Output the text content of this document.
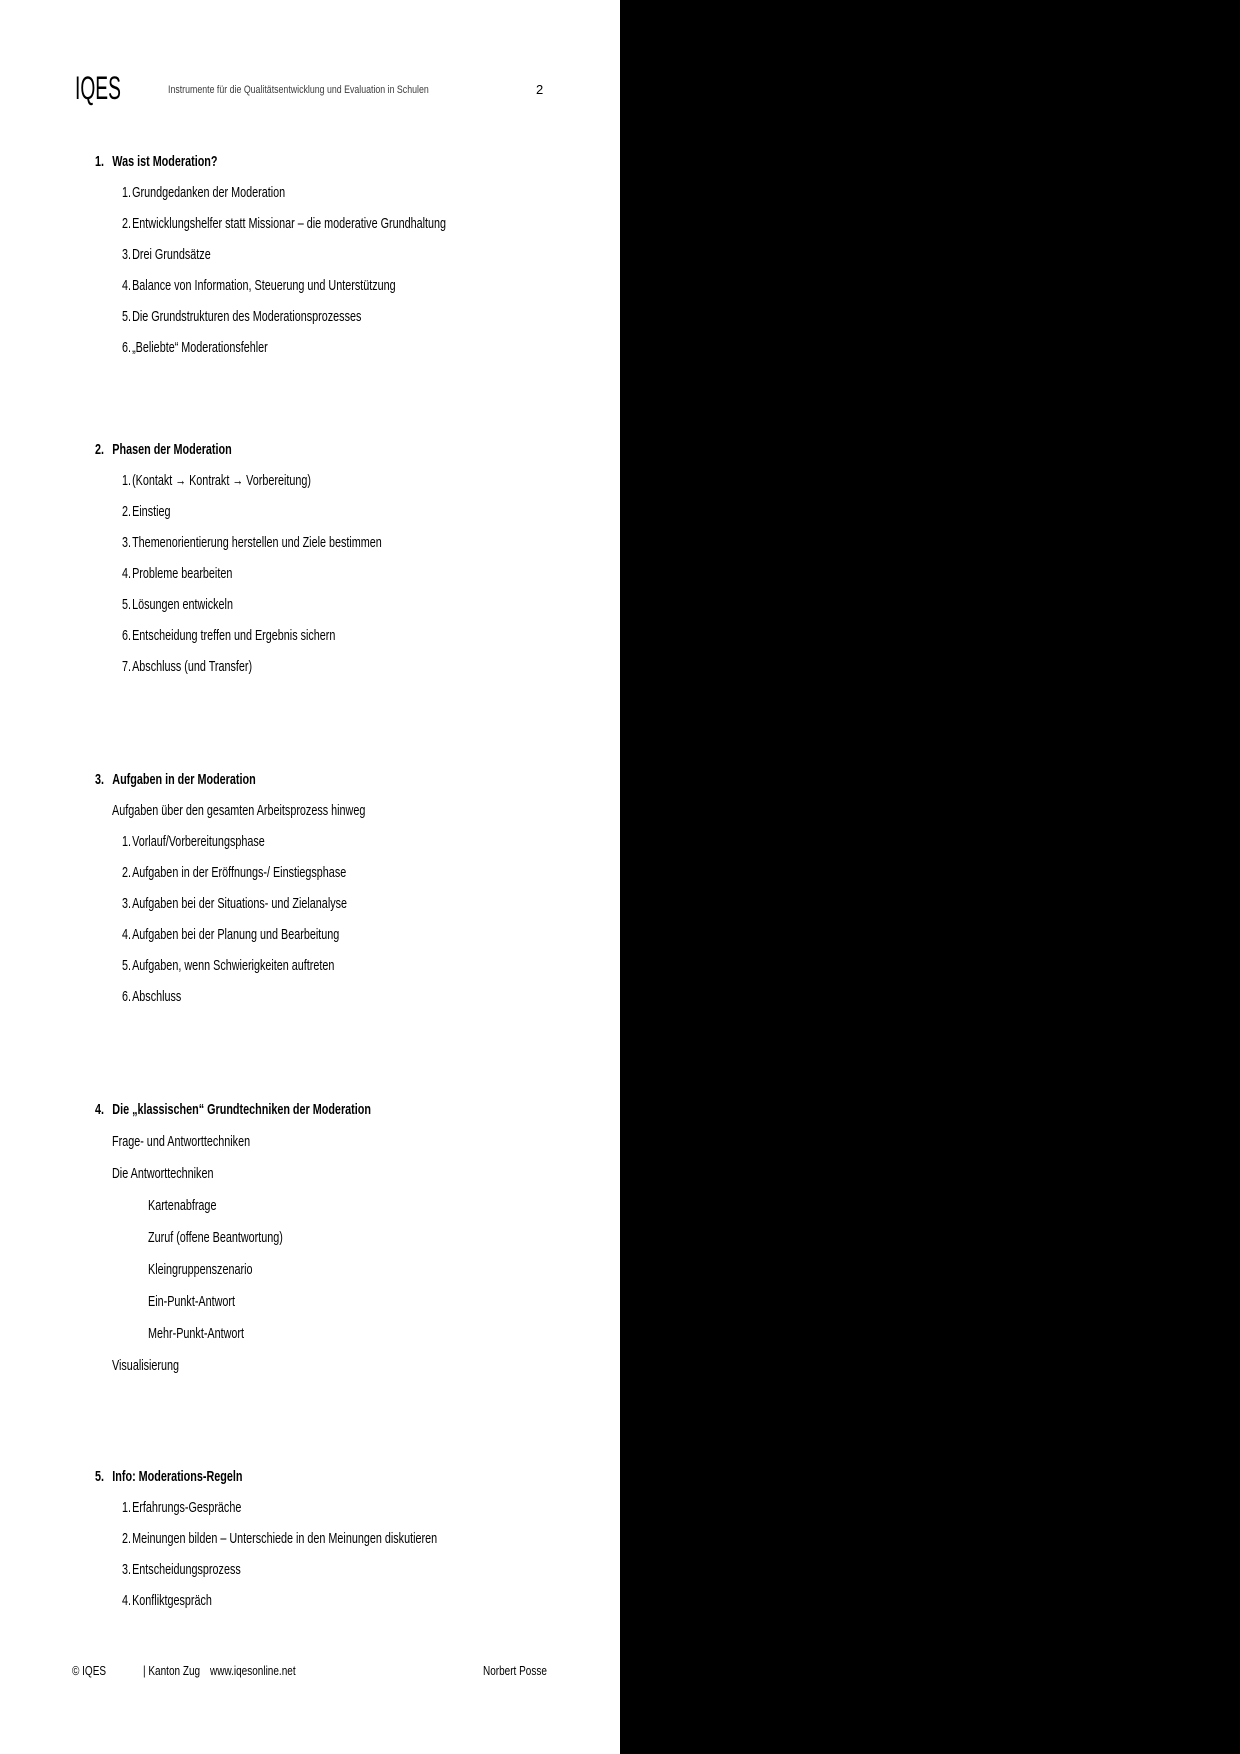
IQES	Instrumente für die Qualitätsentwicklung und Evaluation in Schulen	2
1. Was ist Moderation?
1.Grundgedanken der Moderation
2.Entwicklungshelfer statt Missionar – die moderative Grundhaltung
3.Drei Grundsätze
4.Balance von Information, Steuerung und Unterstützung
5.Die Grundstrukturen des Moderationsprozesses
6.„Beliebte“ Moderationsfehler
2. Phasen der Moderation
1.(Kontakt → Kontrakt → Vorbereitung)
2.Einstieg
3.Themenorientierung herstellen und Ziele bestimmen
4.Probleme bearbeiten
5.Lösungen entwickeln
6.Entscheidung treffen und Ergebnis sichern
7.Abschluss (und Transfer)
3. Aufgaben in der Moderation
Aufgaben über den gesamten Arbeitsprozess hinweg
1.Vorlauf/Vorbereitungsphase
2.Aufgaben in der Eröffnungs-/ Einstiegsphase
3.Aufgaben bei der Situations- und Zielanalyse
4.Aufgaben bei der Planung und Bearbeitung
5.Aufgaben, wenn Schwierigkeiten auftreten
6.Abschluss
4. Die „klassischen“ Grundtechniken der Moderation
Frage- und Antworttechniken
Die Antworttechniken
Kartenabfrage
Zuruf (offene Beantwortung)
Kleingruppenszenario
Ein-Punkt-Antwort
Mehr-Punkt-Antwort
Visualisierung
5. Info: Moderations-Regeln
1.Erfahrungs-Gespräche
2.Meinungen bilden – Unterschiede in den Meinungen diskutieren
3.Entscheidungsprozess
4.Konfliktgespräch
© IQES	| Kanton Zug www.iqesonline.net	Norbert Posse
